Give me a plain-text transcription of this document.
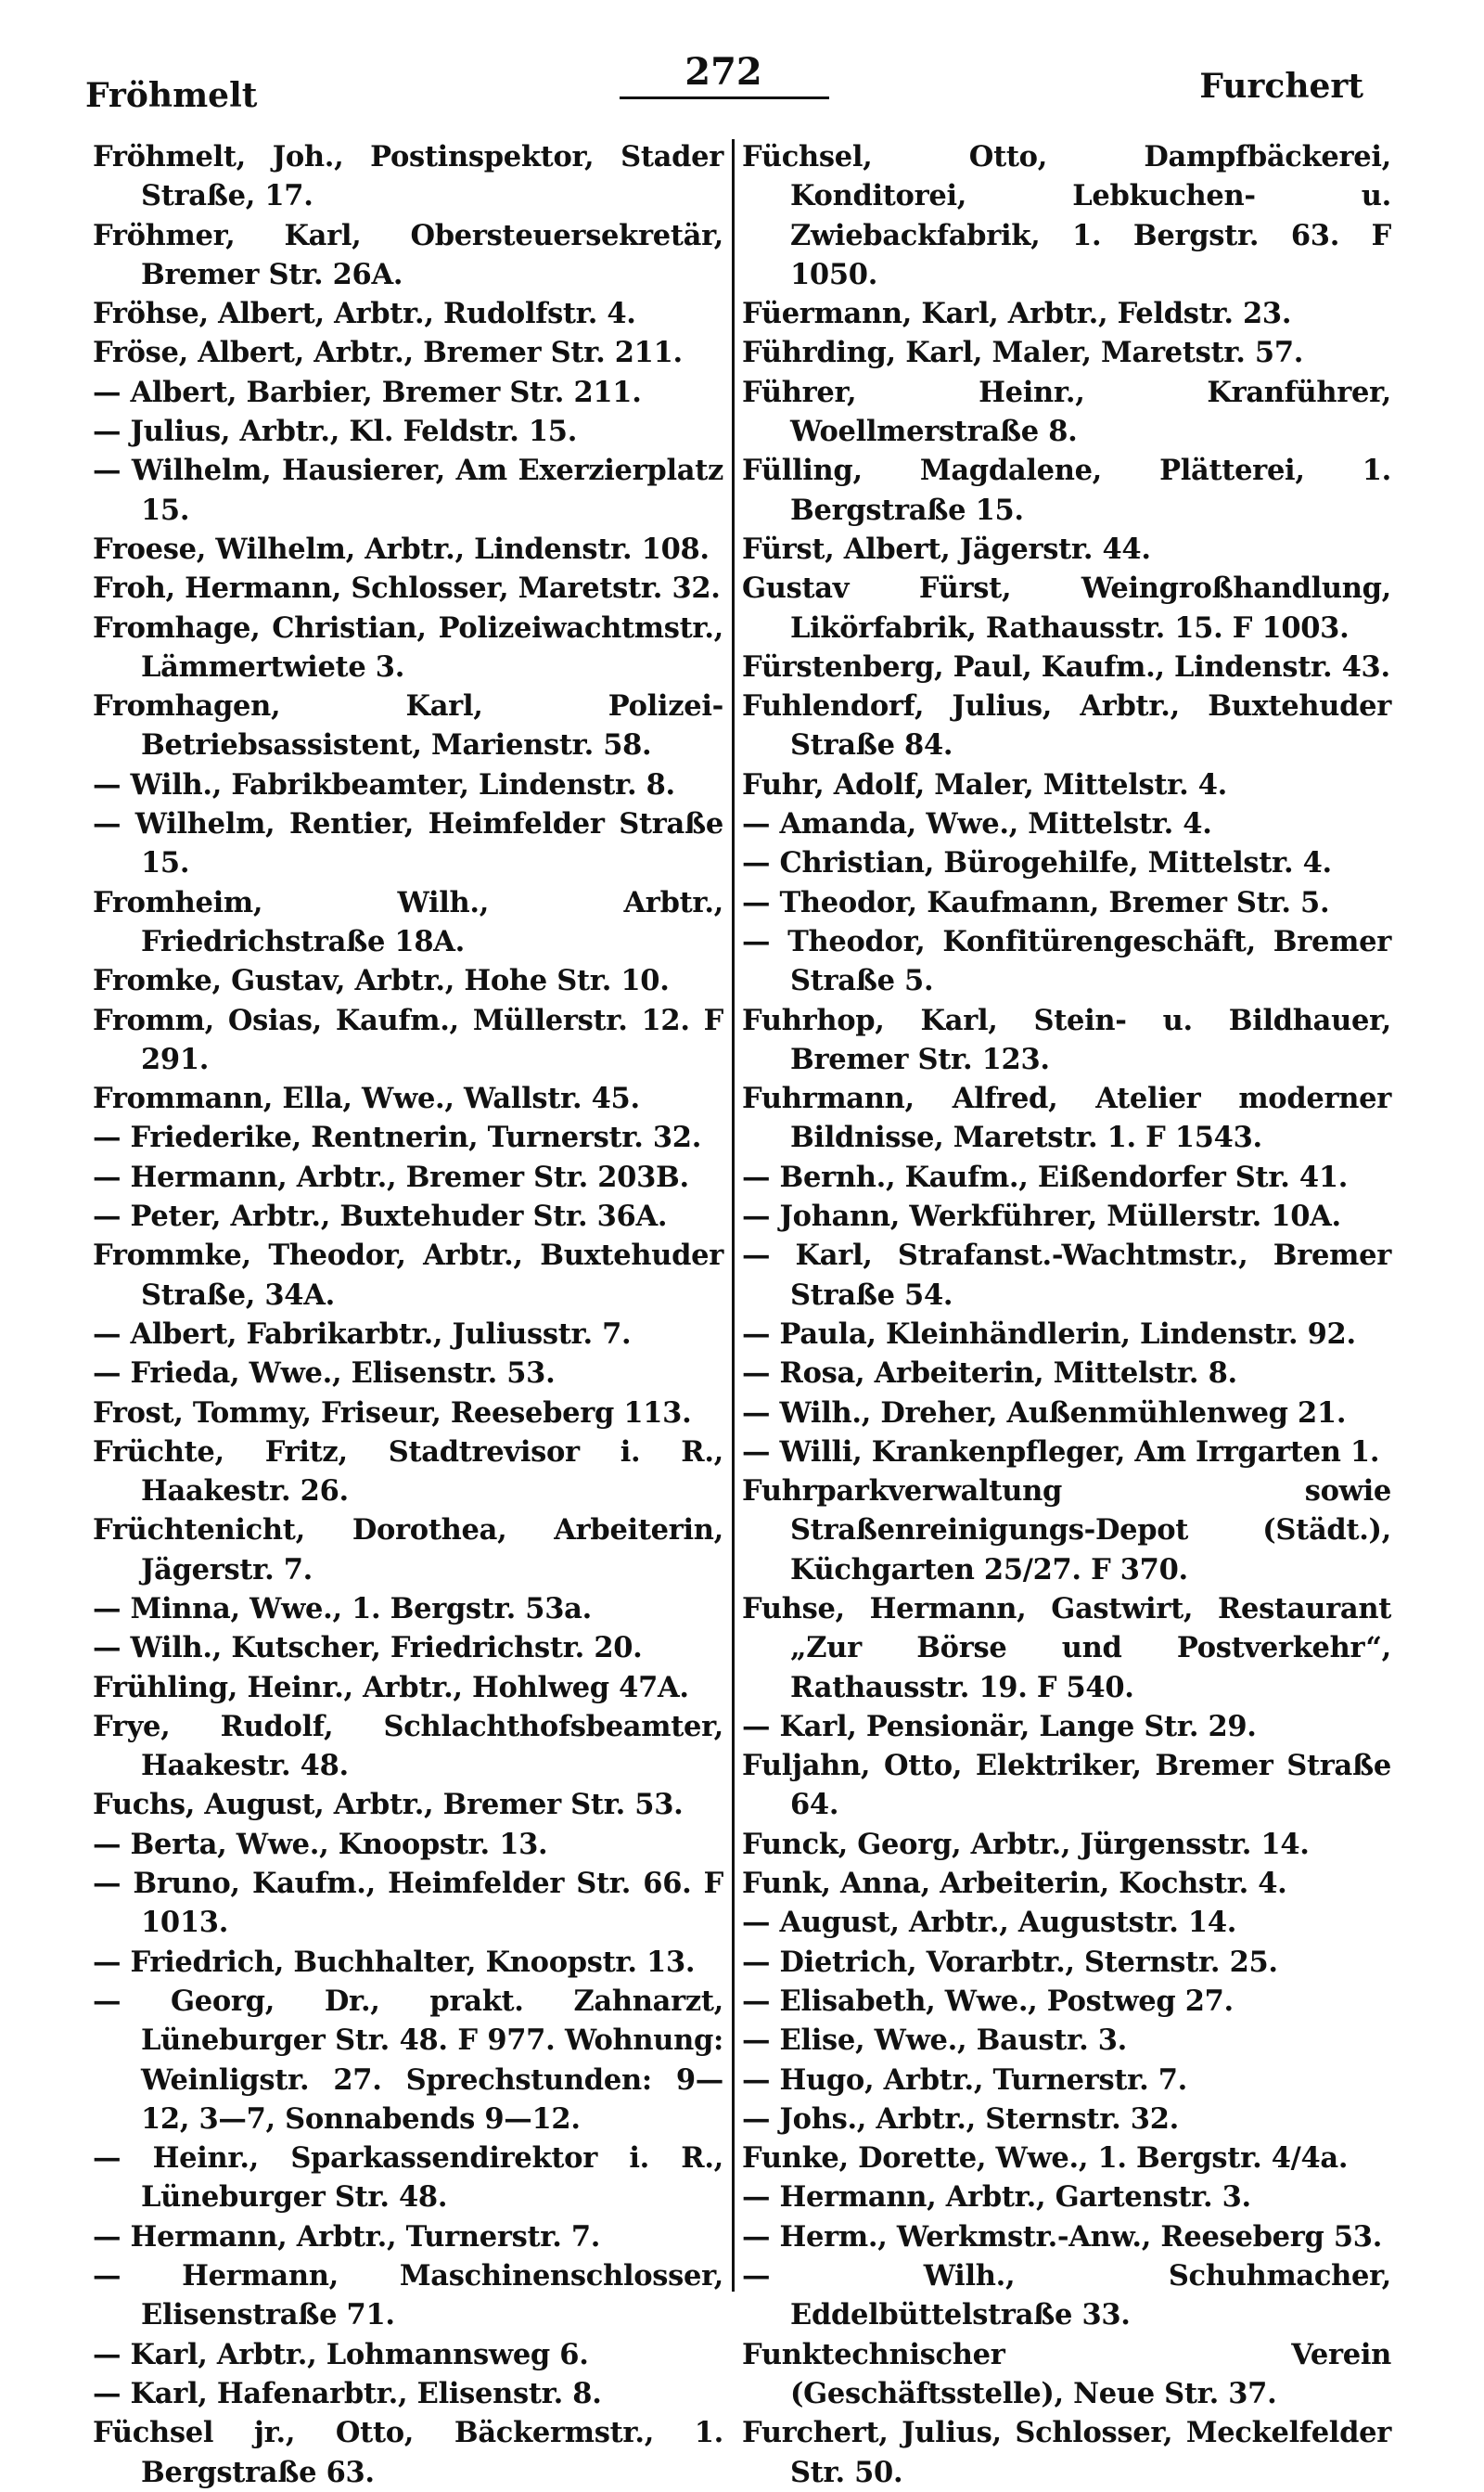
Fröhmelt
272	Furchert

Fröhmelt, Joh., Postinspektor, Stader Straße, 17.

Fröhmer, Karl, Obersteuersekretär, Bremer Str. 26A.

Fröhse, Albert, Arbtr., Rudolfstr. 4.

Fröse, Albert, Arbtr., Bremer Str. 211.

— Albert, Barbier, Bremer Str. 211.

— Julius, Arbtr., Kl. Feldstr. 15.

— Wilhelm, Hausierer, Am Exerzierplatz 15.

Froese, Wilhelm, Arbtr., Lindenstr. 108.

Froh, Hermann, Schlosser, Maretstr. 32.

Fromhage, Christian, Polizeiwachtmstr., Lämmertwiete 3.

Fromhagen, Karl, Polizei-Betriebsassistent, Marienstr. 58.

— Wilh., Fabrikbeamter, Lindenstr. 8.

— Wilhelm, Rentier, Heimfelder Straße 15.

Fromheim, Wilh., Arbtr., Friedrichstraße 18A.

Fromke, Gustav, Arbtr., Hohe Str. 10.

Fromm, Osias, Kaufm., Müllerstr. 12. F 291.

Frommann, Ella, Wwe., Wallstr. 45.

— Friederike, Rentnerin, Turnerstr. 32.

— Hermann, Arbtr., Bremer Str. 203B.

— Peter, Arbtr., Buxtehuder Str. 36A.

Frommke, Theodor, Arbtr., Buxtehuder Straße, 34A.

— Albert, Fabrikarbtr., Juliusstr. 7.

— Frieda, Wwe., Elisenstr. 53.

Frost, Tommy, Friseur, Reeseberg 113.

Früchte, Fritz, Stadtrevisor i. R., Haakestr. 26.

Früchtenicht, Dorothea, Arbeiterin, Jägerstr. 7.

— Minna, Wwe., 1. Bergstr. 53a.

— Wilh., Kutscher, Friedrichstr. 20.

Frühling, Heinr., Arbtr., Hohlweg 47A.

Frye, Rudolf, Schlachthofsbeamter, Haakestr. 48.

Fuchs, August, Arbtr., Bremer Str. 53.

— Berta, Wwe., Knoopstr. 13.

— Bruno, Kaufm., Heimfelder Str. 66. F 1013.

— Friedrich, Buchhalter, Knoopstr. 13.

— Georg, Dr., prakt. Zahnarzt, Lüneburger Str. 48. F 977. Wohnung: Weinligstr. 27. Sprechstunden: 9—12, 3—7, Sonnabends 9—12.

— Heinr., Sparkassendirektor i. R., Lüneburger Str. 48.

— Hermann, Arbtr., Turnerstr. 7.

— Hermann, Maschinenschlosser, Elisenstraße 71.

— Karl, Arbtr., Lohmannsweg 6.

— Karl, Hafenarbtr., Elisenstr. 8.

Füchsel jr., Otto, Bäckermstr., 1. Bergstraße 63.

Füchsel, Otto, Dampfbäckerei, Konditorei, Lebkuchen- u. Zwiebackfabrik, 1. Bergstr. 63. F 1050.

Füermann, Karl, Arbtr., Feldstr. 23.

Führding, Karl, Maler, Maretstr. 57.

Führer, Heinr., Kranführer, Woellmerstraße 8.

Fülling, Magdalene, Plätterei, 1. Bergstraße 15.

Fürst, Albert, Jägerstr. 44.

Gustav Fürst, Weingroßhandlung, Likörfabrik, Rathausstr. 15. F 1003.

Fürstenberg, Paul, Kaufm., Lindenstr. 43.

Fuhlendorf, Julius, Arbtr., Buxtehuder Straße 84.

Fuhr, Adolf, Maler, Mittelstr. 4.

— Amanda, Wwe., Mittelstr. 4.

— Christian, Bürogehilfe, Mittelstr. 4.

— Theodor, Kaufmann, Bremer Str. 5.

— Theodor, Konfitürengeschäft, Bremer Straße 5.

Fuhrhop, Karl, Stein- u. Bildhauer, Bremer Str. 123.

Fuhrmann, Alfred, Atelier moderner Bildnisse, Maretstr. 1. F 1543.

— Bernh., Kaufm., Eißendorfer Str. 41.

— Johann, Werkführer, Müllerstr. 10A.

— Karl, Strafanst.-Wachtmstr., Bremer Straße 54.

— Paula, Kleinhändlerin, Lindenstr. 92.

— Rosa, Arbeiterin, Mittelstr. 8.

— Wilh., Dreher, Außenmühlenweg 21.

— Willi, Krankenpfleger, Am Irrgarten 1.

Fuhrparkverwaltung sowie Straßenreinigungs-Depot (Städt.), Küchgarten 25/27. F 370.

Fuhse, Hermann, Gastwirt, Restaurant „Zur Börse und Postverkehr“, Rathausstr. 19. F 540.

— Karl, Pensionär, Lange Str. 29.

Fuljahn, Otto, Elektriker, Bremer Straße 64.

Funck, Georg, Arbtr., Jürgensstr. 14.

Funk, Anna, Arbeiterin, Kochstr. 4.

— August, Arbtr., Auguststr. 14.

— Dietrich, Vorarbtr., Sternstr. 25.

— Elisabeth, Wwe., Postweg 27.

— Elise, Wwe., Baustr. 3.

— Hugo, Arbtr., Turnerstr. 7.

— Johs., Arbtr., Sternstr. 32.

Funke, Dorette, Wwe., 1. Bergstr. 4/4a.

— Hermann, Arbtr., Gartenstr. 3.

— Herm., Werkmstr.-Anw., Reeseberg 53.

— Wilh., Schuhmacher, Eddelbüttelstraße 33.

Funktechnischer Verein (Geschäftsstelle), Neue Str. 37.

Furchert, Julius, Schlosser, Meckelfelder Str. 50.
